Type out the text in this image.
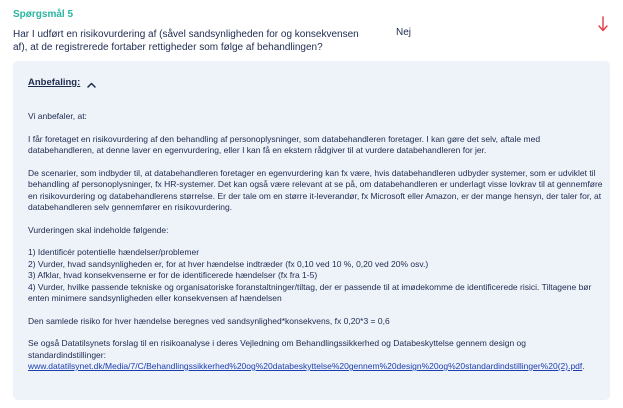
Spørgsmål 5
Har I udført en risikovurdering af (såvel sandsynligheden for og konsekvensen af), at de registrerede fortaber rettigheder som følge af behandlingen?
Nej
Anbefaling:

Vi anbefaler, at:

I får foretaget en risikovurdering af den behandling af personoplysninger, som databehandleren foretager. I kan gøre det selv, aftale med databehandleren, at denne laver en egenvurdering, eller I kan få en ekstern rådgiver til at vurdere databehandleren for jer.

De scenarier, som indbyder til, at databehandleren foretager en egenvurdering kan fx være, hvis databehandleren udbyder systemer, som er udviklet til behandling af personoplysninger, fx HR-systemer. Det kan også være relevant at se på, om databehandleren er underlagt visse lovkrav til at gennemføre en risikovurdering og databehandlerens størrelse. Er der tale om en større it-leverandør, fx Microsoft eller Amazon, er der mange hensyn, der taler for, at databehandleren selv gennemfører en risikovurdering.

Vurderingen skal indeholde følgende:

1) Identificér potentielle hændelser/problemer

2) Vurder, hvad sandsynligheden er, for at hver hændelse indtræder (fx 0,10 ved 10 %, 0,20 ved 20% osv.)

3) Afklar, hvad konsekvenserne er for de identificerede hændelser (fx fra 1-5)

4) Vurder, hvilke passende tekniske og organisatoriske foranstaltninger/tiltag, der er passende til at imødekomme de identificerede risici. Tiltagene bør enten minimere sandsynligheden eller konsekvensen af hændelsen

Den samlede risiko for hver hændelse beregnes ved sandsynlighed*konsekvens, fx 0,20*3 = 0,6

Se også Datatilsynets forslag til en risikoanalyse i deres Vejledning om Behandlingssikkerhed og Databeskyttelse gennem design og standardindstillinger:

www.datatilsynet.dk/Media/7/C/Behandlingssikkerhed%20og%20databeskyttelse%20gennem%20design%20og%20standardindstillinger%20(2).pdf.
